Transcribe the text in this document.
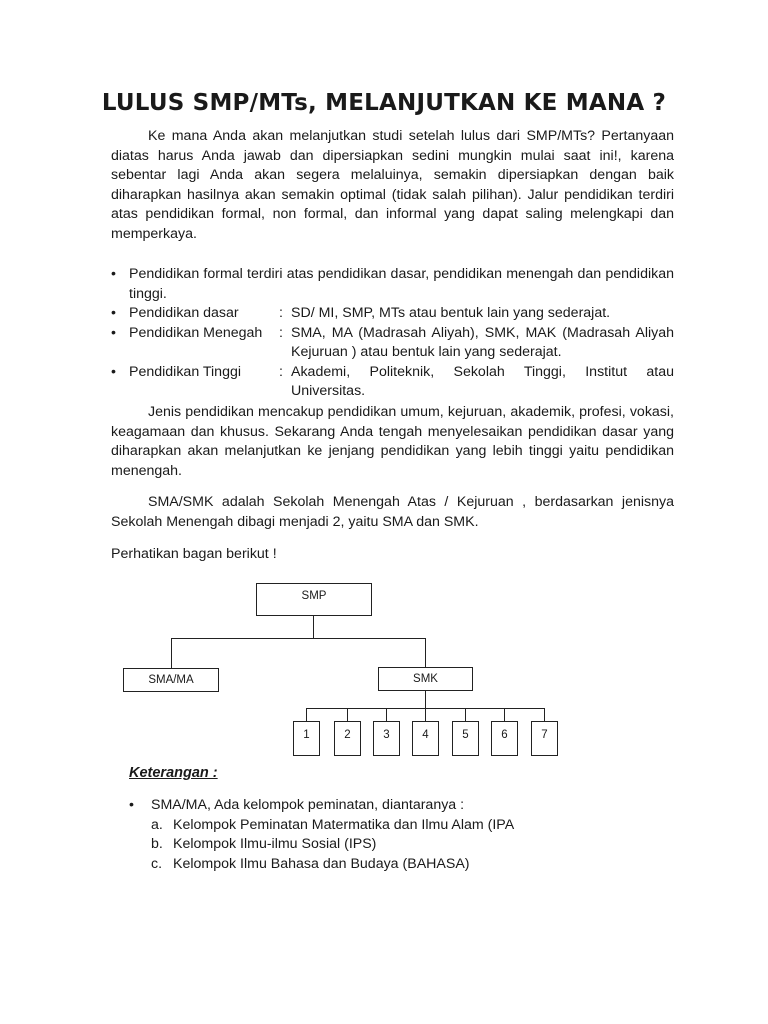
LULUS SMP/MTs, MELANJUTKAN KE MANA ?

Ke mana Anda akan melanjutkan studi setelah lulus dari SMP/MTs? Pertanyaan diatas harus Anda jawab dan dipersiapkan sedini mungkin mulai saat ini!, karena sebentar lagi Anda akan segera melaluinya, semakin dipersiapkan dengan baik diharapkan hasilnya akan semakin optimal (tidak salah pilihan). Jalur pendidikan terdiri atas pendidikan formal, non formal, dan informal yang dapat saling melengkapi dan memperkaya.

• Pendidikan formal terdiri atas pendidikan dasar, pendidikan menengah dan pendidikan tinggi.
• Pendidikan dasar	: SD/ MI, SMP, MTs atau bentuk lain yang sederajat.
• Pendidikan Menegah	: SMA, MA (Madrasah Aliyah), SMK, MAK (Madrasah Aliyah Kejuruan ) atau bentuk lain yang sederajat.
• Pendidikan Tinggi	: Akademi, Politeknik, Sekolah Tinggi, Institut atau Universitas.

Jenis pendidikan mencakup pendidikan umum, kejuruan, akademik, profesi, vokasi, keagamaan dan khusus. Sekarang Anda tengah menyelesaikan pendidikan dasar yang diharapkan akan melanjutkan ke jenjang pendidikan yang lebih tinggi yaitu pendidikan menengah.

SMA/SMK adalah Sekolah Menengah Atas / Kejuruan , berdasarkan jenisnya Sekolah Menengah dibagi menjadi 2, yaitu SMA dan SMK.

Perhatikan bagan berikut !

SMP
SMA/MA	SMK
1	2	3	4	5	6	7

Keterangan :

• SMA/MA, Ada kelompok peminatan, diantaranya :
a. Kelompok Peminatan Matermatika dan Ilmu Alam (IPA
b. Kelompok Ilmu-ilmu Sosial (IPS)
c. Kelompok Ilmu Bahasa dan Budaya (BAHASA)
